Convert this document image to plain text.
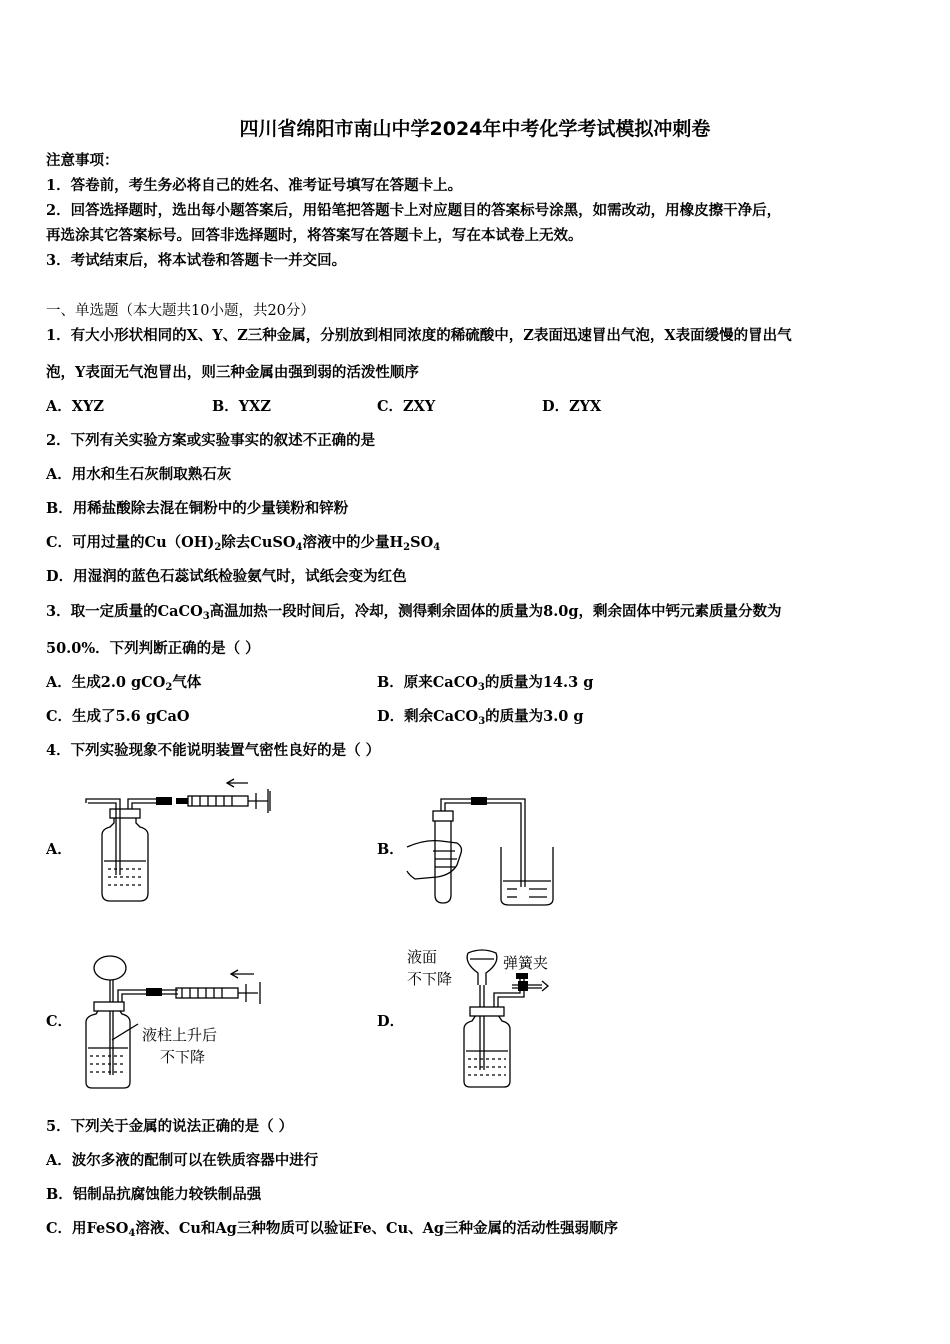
四川省绵阳市南山中学2024年中考化学考试模拟冲刺卷
注意事项：
1．答卷前，考生务必将自己的姓名、准考证号填写在答题卡上。
2．回答选择题时，选出每小题答案后，用铅笔把答题卡上对应题目的答案标号涂黑，如需改动，用橡皮擦干净后，
再选涂其它答案标号。回答非选择题时，将答案写在答题卡上，写在本试卷上无效。
3．考试结束后，将本试卷和答题卡一并交回。
一、单选题（本大题共10小题，共20分）
1．有大小形状相同的X、Y、Z三种金属，分别放到相同浓度的稀硫酸中，Z表面迅速冒出气泡，X表面缓慢的冒出气
泡，Y表面无气泡冒出，则三种金属由强到弱的活泼性顺序
A．XYZ	B．YXZ	C．ZXY	D．ZYX
2．下列有关实验方案或实验事实的叙述不正确的是
A．用水和生石灰制取熟石灰
B．用稀盐酸除去混在铜粉中的少量镁粉和锌粉
C．可用过量的$Cu(OH)_2$除去CuSO$_4$溶液中的少量$H_2SO_4$
D．用湿润的蓝色石蕊试纸检验氨气时，试纸会变为红色
3．取一定质量的CaCO$_3$高温加热一段时间后，冷却，测得剩余固体的质量为8.0g，剩余固体中钙元素质量分数为
50.0%．下列判断正确的是（ ）
A．生成2.0 gCO$_2$气体	B．原来CaCO$_3$的质量为14.3 g
C．生成了5.6 gCaO	D．剩余CaCO$_3$的质量为3.0 g
4．下列实验现象不能说明装置气密性良好的是（ ）
A．	B．
C．	D．
液柱上升后
不下降
液面
不下降
弹簧夹
5．下列关于金属的说法正确的是（ ）
A．波尔多液的配制可以在铁质容器中进行
B．铝制品抗腐蚀能力较铁制品强
C．用FeSO$_4$溶液、Cu和Ag三种物质可以验证Fe、Cu、Ag三种金属的活动性强弱顺序
